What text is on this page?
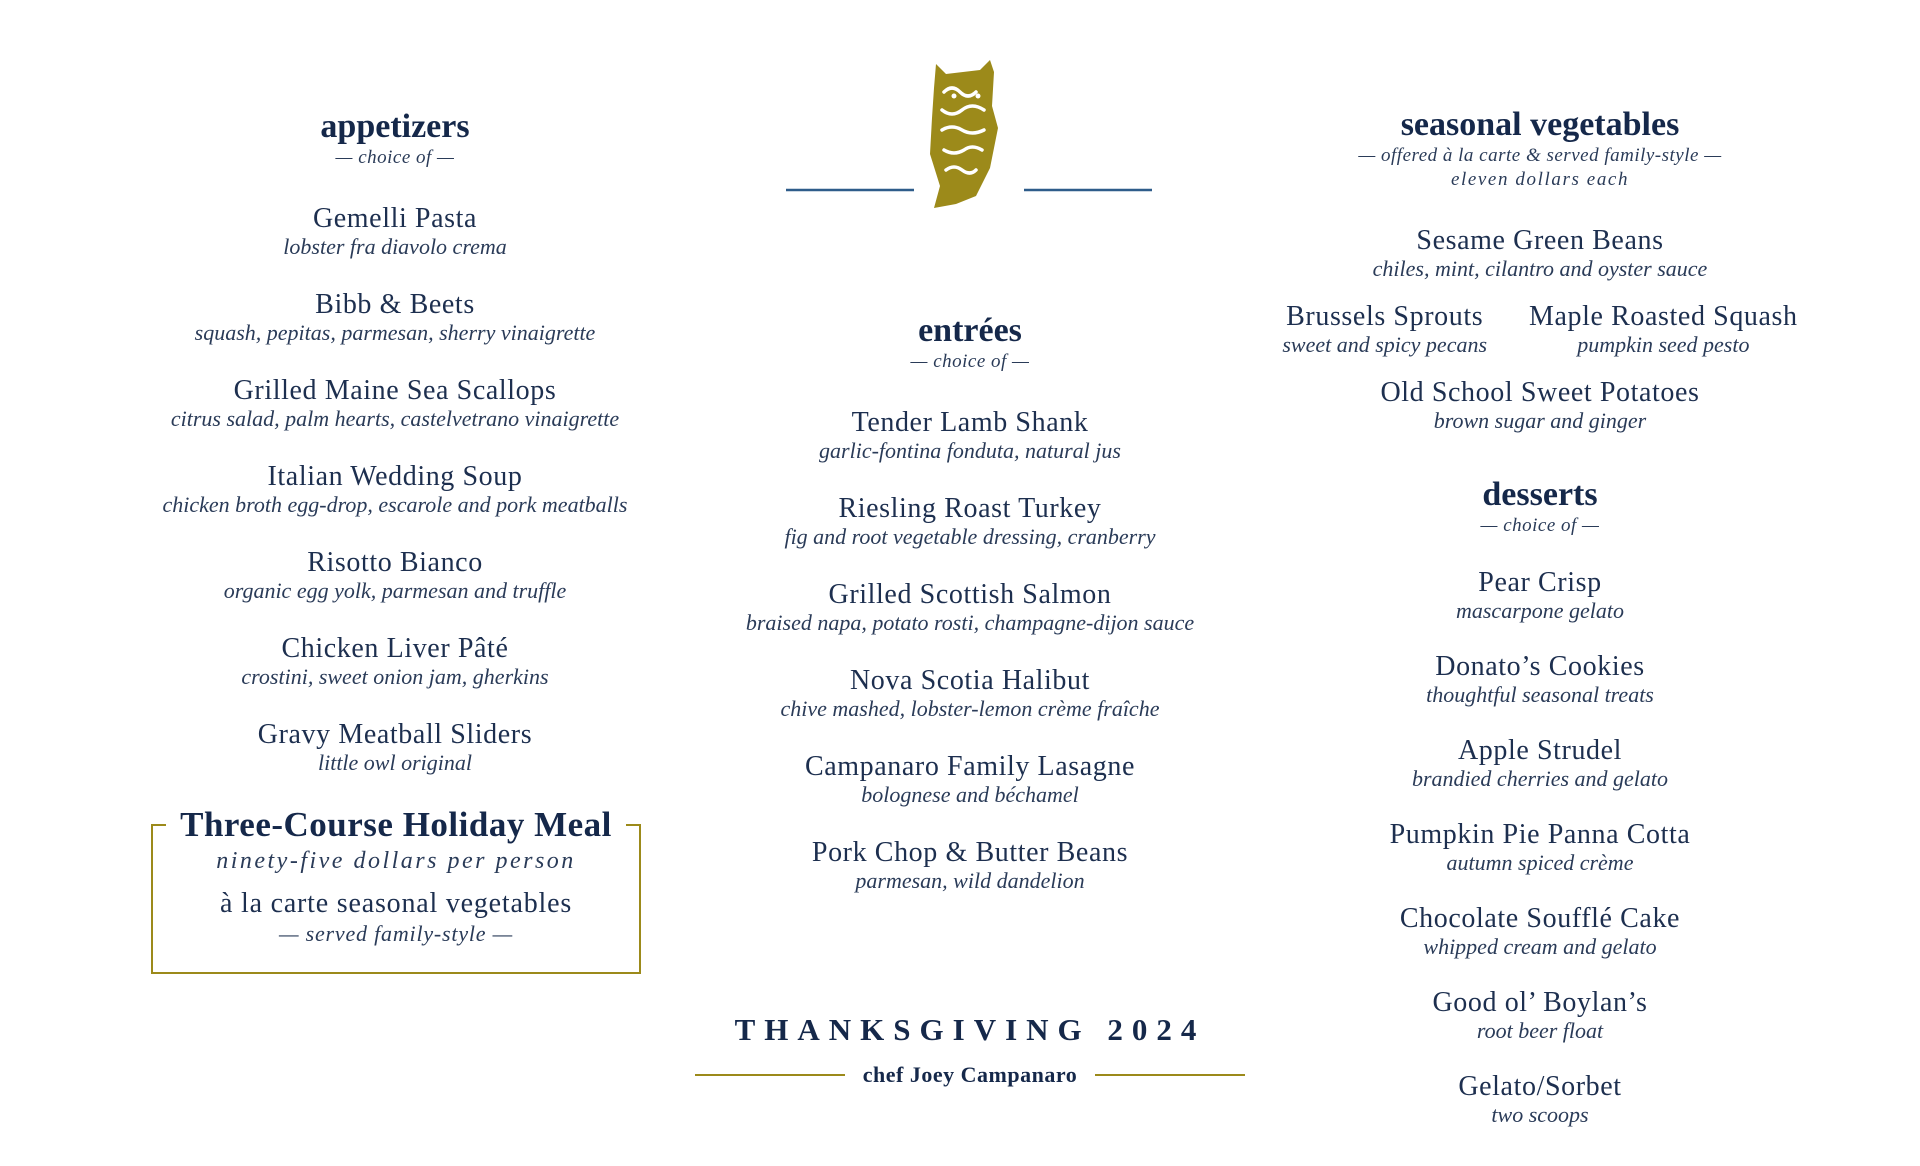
appetizers
— choice of —
Gemelli Pasta
lobster fra diavolo crema
Bibb & Beets
squash, pepitas, parmesan, sherry vinaigrette
Grilled Maine Sea Scallops
citrus salad, palm hearts, castelvetrano vinaigrette
Italian Wedding Soup
chicken broth egg-drop, escarole and pork meatballs
Risotto Bianco
organic egg yolk, parmesan and truffle
Chicken Liver Pâté
crostini, sweet onion jam, gherkins
Gravy Meatball Sliders
little owl original
Three-Course Holiday Meal
ninety-five dollars per person
à la carte seasonal vegetables
— served family-style —
entrées
— choice of —
Tender Lamb Shank
garlic-fontina fonduta, natural jus
Riesling Roast Turkey
fig and root vegetable dressing, cranberry
Grilled Scottish Salmon
braised napa, potato rosti, champagne-dijon sauce
Nova Scotia Halibut
chive mashed, lobster-lemon crème fraîche
Campanaro Family Lasagne
bolognese and béchamel
Pork Chop & Butter Beans
parmesan, wild dandelion
seasonal vegetables
— offered à la carte & served family-style —
eleven dollars each
Sesame Green Beans
chiles, mint, cilantro and oyster sauce
Brussels Sprouts
sweet and spicy pecans
Maple Roasted Squash
pumpkin seed pesto
Old School Sweet Potatoes
brown sugar and ginger
desserts
— choice of —
Pear Crisp
mascarpone gelato
Donato’s Cookies
thoughtful seasonal treats
Apple Strudel
brandied cherries and gelato
Pumpkin Pie Panna Cotta
autumn spiced crème
Chocolate Soufflé Cake
whipped cream and gelato
Good ol’ Boylan’s
root beer float
Gelato/Sorbet
two scoops
THANKSGIVING 2024
chef Joey Campanaro
